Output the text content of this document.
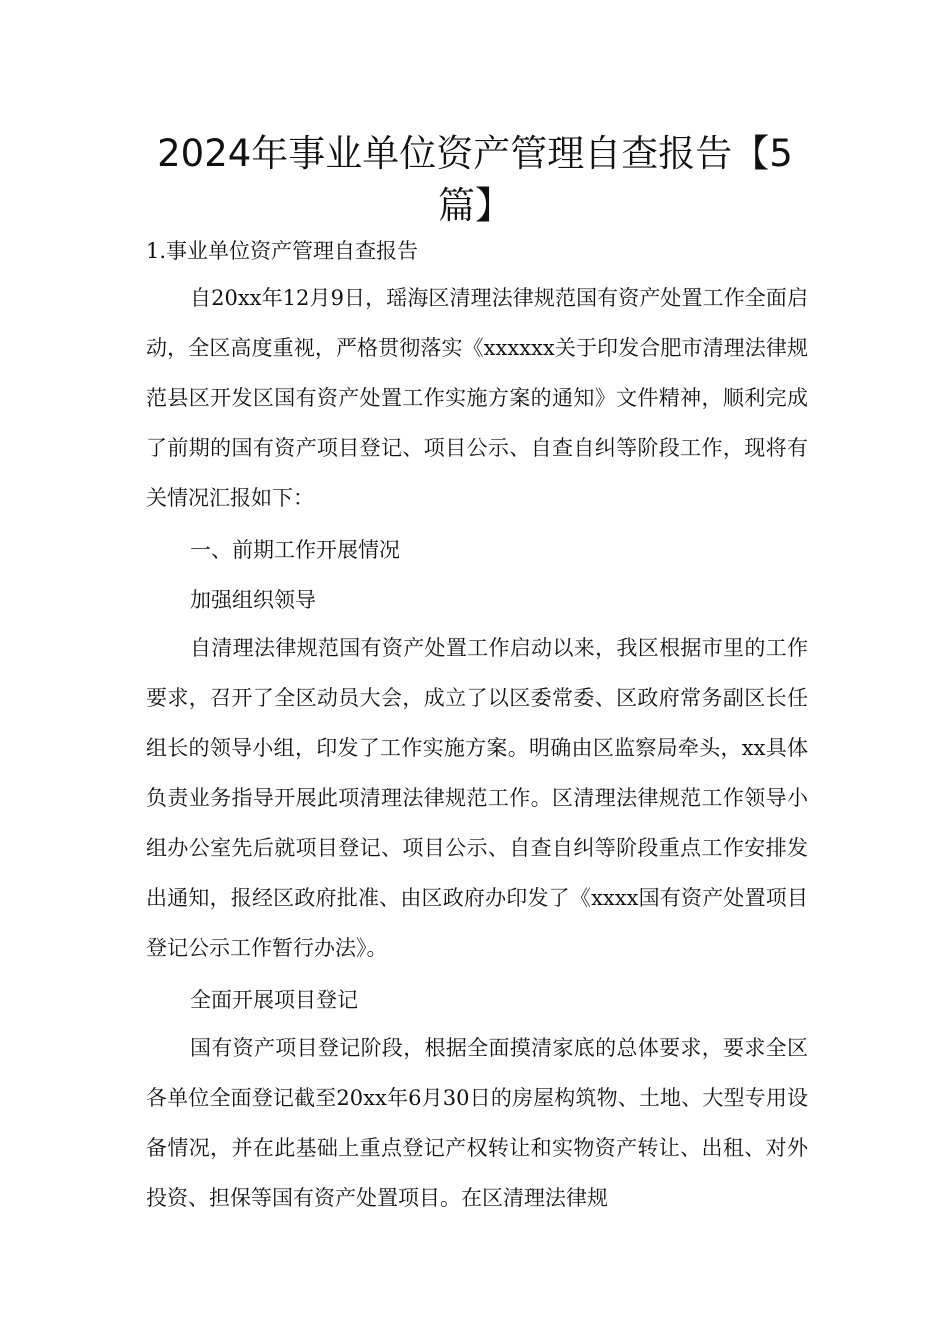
2024年事业单位资产管理自查报告【5篇】

1.事业单位资产管理自查报告

自20xx年12月9日，瑶海区清理法律规范国有资产处置工作全面启动，全区高度重视，严格贯彻落实《xxxxxx关于印发合肥市清理法律规范县区开发区国有资产处置工作实施方案的通知》文件精神，顺利完成了前期的国有资产项目登记、项目公示、自查自纠等阶段工作，现将有关情况汇报如下：

一、前期工作开展情况

加强组织领导

自清理法律规范国有资产处置工作启动以来，我区根据市里的工作要求，召开了全区动员大会，成立了以区委常委、区政府常务副区长任组长的领导小组，印发了工作实施方案。明确由区监察局牵头，xx具体负责业务指导开展此项清理法律规范工作。区清理法律规范工作领导小组办公室先后就项目登记、项目公示、自查自纠等阶段重点工作安排发出通知，报经区政府批准、由区政府办印发了《xxxx国有资产处置项目登记公示工作暂行办法》。

全面开展项目登记

国有资产项目登记阶段，根据全面摸清家底的总体要求，要求全区各单位全面登记截至20xx年6月30日的房屋构筑物、土地、大型专用设备情况，并在此基础上重点登记产权转让和实物资产转让、出租、对外投资、担保等国有资产处置项目。在区清理法律规
